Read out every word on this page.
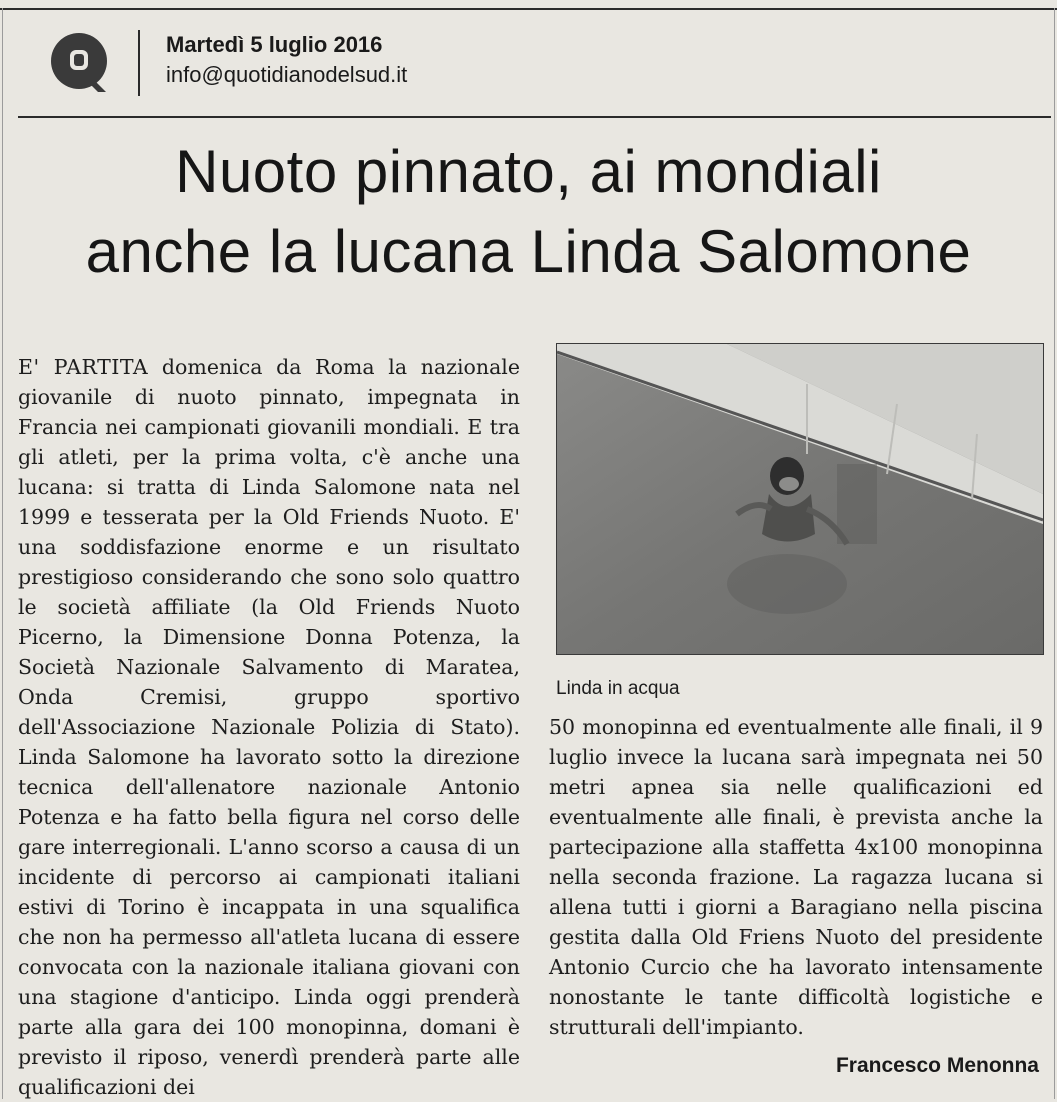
Martedì 5 luglio 2016
info@quotidianodelsud.it
Nuoto pinnato, ai mondiali
anche la lucana Linda Salomone

E' PARTITA domenica da Roma la nazionale giovanile di nuoto pinnato, impegnata in Francia nei campionati giovanili mondiali. E tra gli atleti, per la prima volta, c'è anche una lucana: si tratta di Linda Salomone nata nel 1999 e tesserata per la Old Friends Nuoto. E' una soddisfazione enorme e un risultato prestigioso considerando che sono solo quattro le società affiliate (la Old Friends Nuoto Picerno, la Dimensione Donna Potenza, la Società Nazionale Salvamento di Maratea, Onda Cremisi, gruppo sportivo dell'Associazione Nazionale Polizia di Stato). Linda Salomone ha lavorato sotto la direzione tecnica dell'allenatore nazionale Antonio Potenza e ha fatto bella figura nel corso delle gare interregionali. L'anno scorso a causa di un incidente di percorso ai campionati italiani estivi di Torino è incappata in una squalifica che non ha permesso all'atleta lucana di essere convocata con la nazionale italiana giovani con una stagione d'anticipo. Linda oggi prenderà parte alla gara dei 100 monopinna, domani è previsto il riposo, venerdì prenderà parte alle qualificazioni dei

Linda in acqua

50 monopinna ed eventualmente alle finali, il 9 luglio invece la lucana sarà impegnata nei 50 metri apnea sia nelle qualificazioni ed eventualmente alle finali, è prevista anche la partecipazione alla staffetta 4x100 monopinna nella seconda frazione. La ragazza lucana si allena tutti i giorni a Baragiano nella piscina gestita dalla Old Friens Nuoto del presidente Antonio Curcio che ha lavorato intensamente nonostante le tante difficoltà logistiche e strutturali dell'impianto.

Francesco Menonna
